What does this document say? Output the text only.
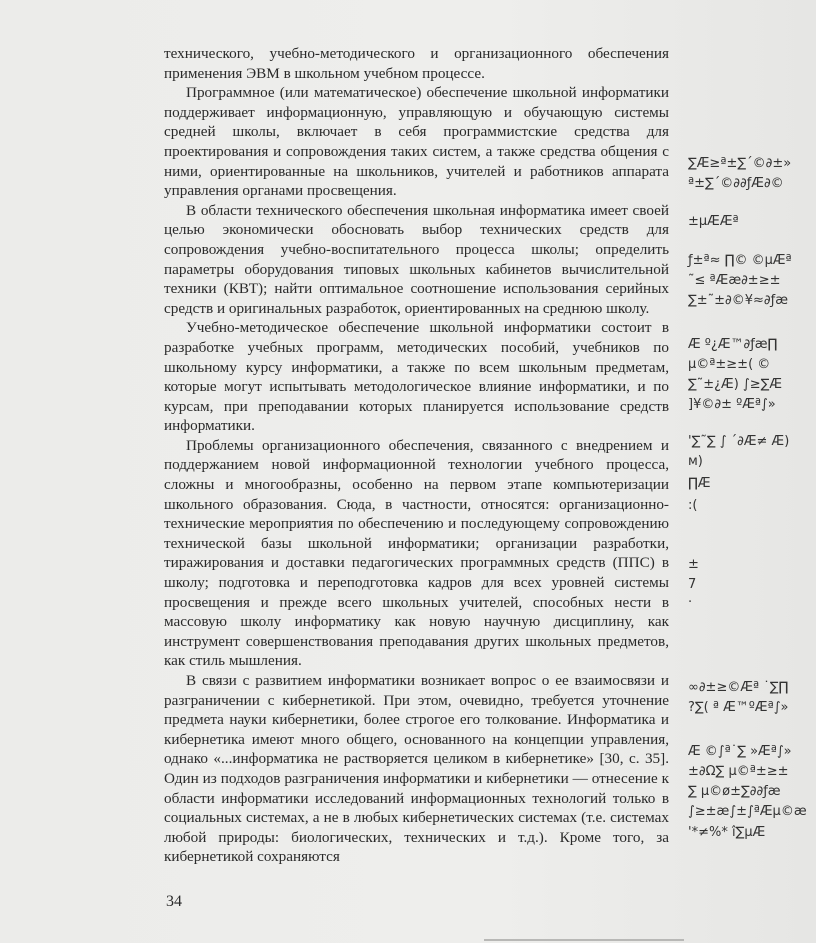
технического, учебно-методического и организационного обеспечения применения ЭВМ в школьном учебном процессе.

Программное (или математическое) обеспечение школьной информатики поддерживает информационную, управляющую и обучающую системы средней школы, включает в себя программистские средства для проектирования и сопровождения таких систем, а также средства общения с ними, ориентированные на школьников, учителей и работников аппарата управления органами просвещения.

В области технического обеспечения школьная информатика имеет своей целью экономически обосновать выбор технических средств для сопровождения учебно-воспитательного процесса школы; определить параметры оборудования типовых школьных кабинетов вычислительной техники (КВТ); найти оптимальное соотношение использования серийных средств и оригинальных разработок, ориентированных на среднюю школу.

Учебно-методическое обеспечение школьной информатики состоит в разработке учебных программ, методических пособий, учебников по школьному курсу информатики, а также по всем школьным предметам, которые могут испытывать методологическое влияние информатики, и по курсам, при преподавании которых планируется использование средств информатики.

Проблемы организационного обеспечения, связанного с внедрением и поддержанием новой информационной технологии учебного процесса, сложны и многообразны, особенно на первом этапе компьютеризации школьного образования. Сюда, в частности, относятся: организационно-технические мероприятия по обеспечению и последующему сопровождению технической базы школьной информатики; организации разработки, тиражирования и доставки педагогических программных средств (ППС) в школу; подготовка и переподготовка кадров для всех уровней системы просвещения и прежде всего школьных учителей, способных нести в массовую школу информатику как новую научную дисциплину, как инструмент совершенствования преподавания других школьных предметов, как стиль мышления.

В связи с развитием информатики возникает вопрос о ее взаимосвязи и разграничении с кибернетикой. При этом, очевидно, требуется уточнение предмета науки кибернетики, более строгое его толкование. Информатика и кибернетика имеют много общего, основанного на концепции управления, однако «...информатика не растворяется целиком в кибернетике» [30, с. 35]. Один из подходов разграничения информатики и кибернетики — отнесение к области информатики исследований информационных технологий только в социальных системах, а не в любых кибернетических системах (т.е. системах любой природы: биологических, технических и т.д.). Кроме того, за кибернетикой сохраняются

34
∑Æ≥ª±∑´©∂±»
ª±∑´©∂∂ƒÆ∂©
±µÆÆª
ƒ±ª≈ ∏© ©µÆª
˜≤ ªÆæ∂±≥±
∑±˜±∂©¥≈∂ƒæ
Æ º¿Æ™∂ƒæ∏
µ©ª±≥±( ©
∑˜±¿Æ) ∫≥∑Æ
]¥©∂± ºÆª∫»
'∑˜∑ ∫ ´∂Æ≠ Æ)
м)
∏Æ
:(
±
7
·
∞∂±≥©Æª ˙∑∏
?∑( ª Æ™ºÆª∫»
Æ ©∫ª˙∑ »Æª∫»
±∂Ω∑ µ©ª±≥±
∑ µ©ø±∑∂∂ƒæ
∫≥±æ∫±∫ªÆµ©æ
'*≠%* î∑µÆ
